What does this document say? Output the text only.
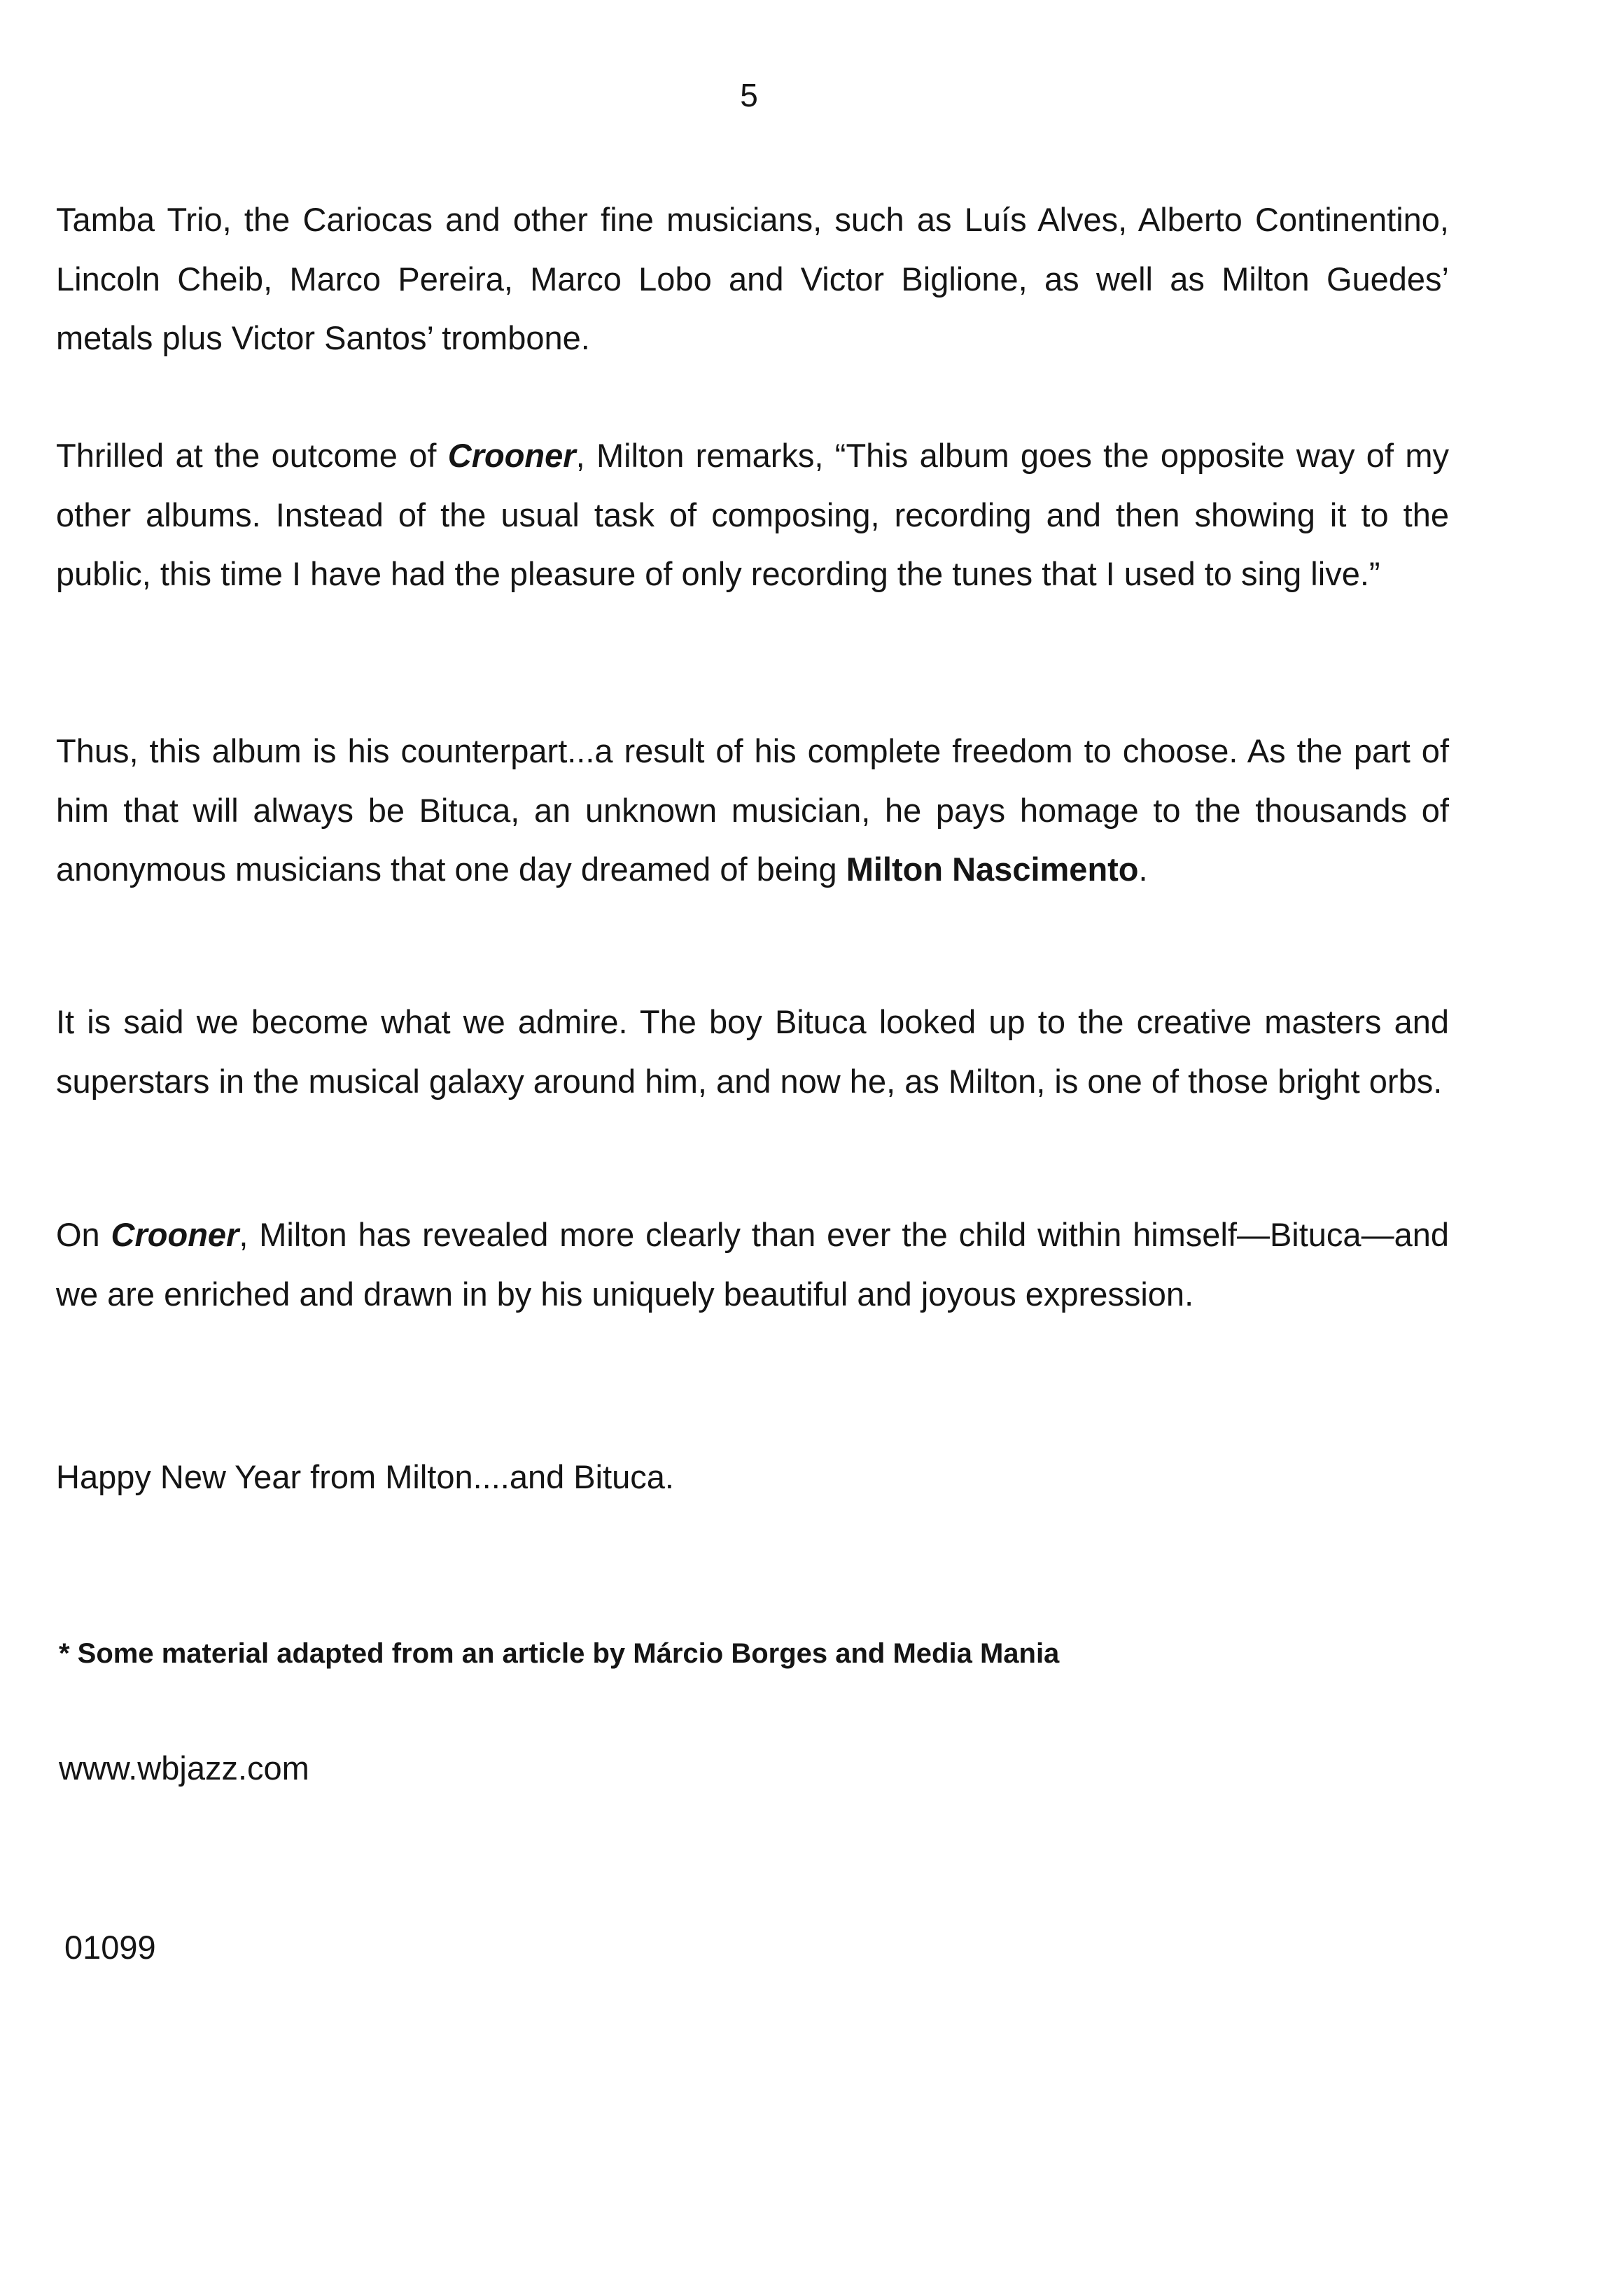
5

Tamba Trio, the Cariocas and other fine musicians, such as Luís Alves, Alberto Continentino, Lincoln Cheib, Marco Pereira, Marco Lobo and Victor Biglione, as well as Milton Guedes’ metals plus Victor Santos’ trombone.

Thrilled at the outcome of Crooner, Milton remarks, “This album goes the opposite way of my other albums. Instead of the usual task of composing, recording and then showing it to the public, this time I have had the pleasure of only recording the tunes that I used to sing live.”

Thus, this album is his counterpart...a result of his complete freedom to choose. As the part of him that will always be Bituca, an unknown musician, he pays homage to the thousands of anonymous musicians that one day dreamed of being Milton Nascimento.

It is said we become what we admire. The boy Bituca looked up to the creative masters and superstars in the musical galaxy around him, and now he, as Milton, is one of those bright orbs.

On Crooner, Milton has revealed more clearly than ever the child within himself—Bituca—and we are enriched and drawn in by his uniquely beautiful and joyous expression.

Happy New Year from Milton....and Bituca.

* Some material adapted from an article by Márcio Borges and Media Mania

www.wbjazz.com

01099
